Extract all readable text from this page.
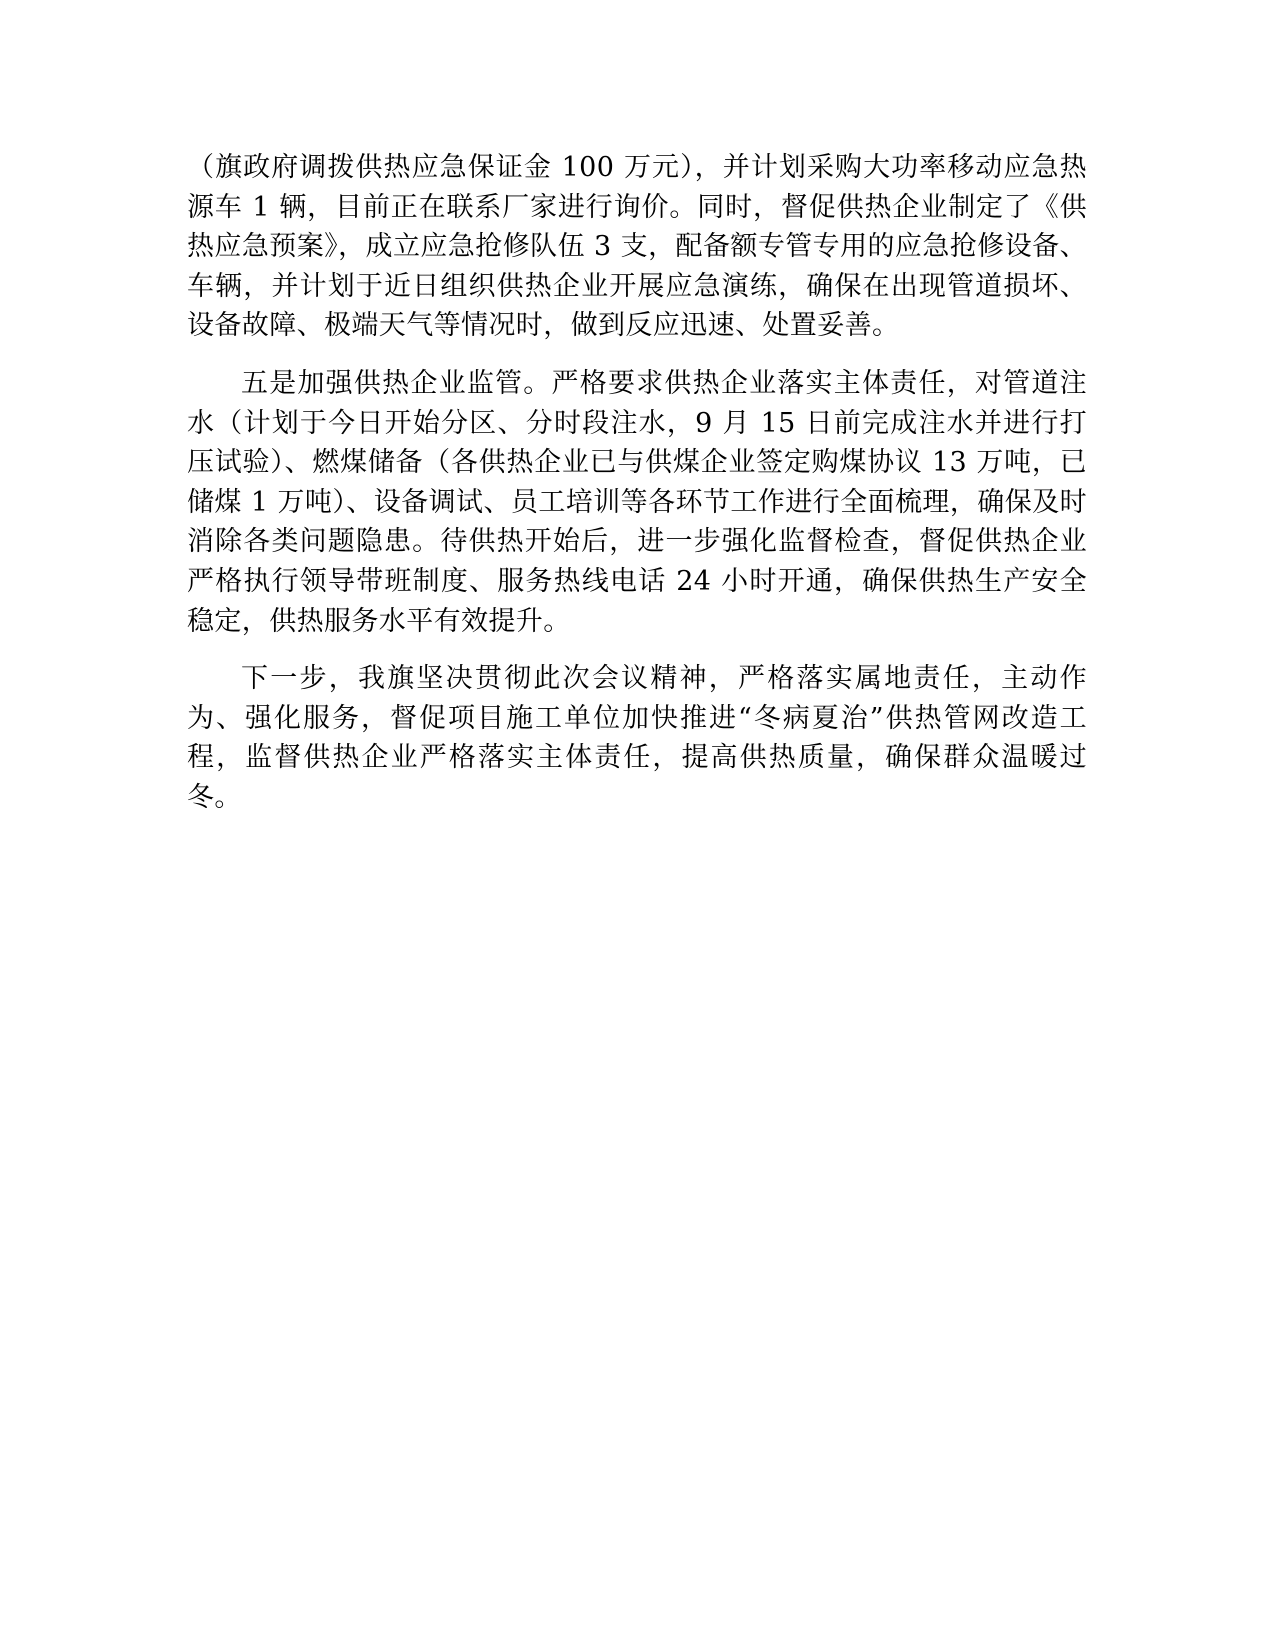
（旗政府调拨供热应急保证金 100 万元），并计划采购大功率移动应急热源车 1 辆，目前正在联系厂家进行询价。同时，督促供热企业制定了《供热应急预案》，成立应急抢修队伍 3 支，配备额专管专用的应急抢修设备、车辆，并计划于近日组织供热企业开展应急演练，确保在出现管道损坏、设备故障、极端天气等情况时，做到反应迅速、处置妥善。

五是加强供热企业监管。严格要求供热企业落实主体责任，对管道注水（计划于今日开始分区、分时段注水，9 月 15 日前完成注水并进行打压试验）、燃煤储备（各供热企业已与供煤企业签定购煤协议 13 万吨，已储煤 1 万吨）、设备调试、员工培训等各环节工作进行全面梳理，确保及时消除各类问题隐患。待供热开始后，进一步强化监督检查，督促供热企业严格执行领导带班制度、服务热线电话 24 小时开通，确保供热生产安全稳定，供热服务水平有效提升。

下一步，我旗坚决贯彻此次会议精神，严格落实属地责任，主动作为、强化服务，督促项目施工单位加快推进“冬病夏治”供热管网改造工程，监督供热企业严格落实主体责任，提高供热质量，确保群众温暖过冬。
